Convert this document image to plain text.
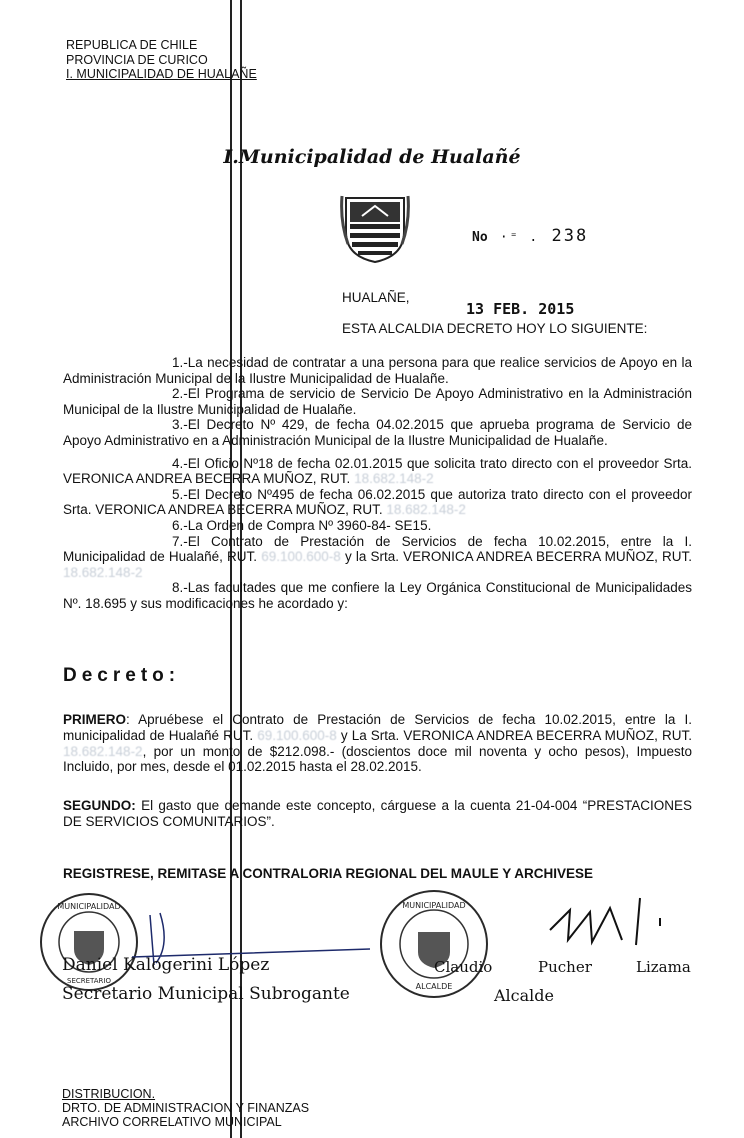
REPUBLICA DE CHILE
PROVINCIA DE CURICO
I. MUNICIPALIDAD DE HUALAÑE
I.Municipalidad de Hualañé
No ·⁼ . 238
HUALAÑE,
13 FEB. 2015
ESTA ALCALDIA DECRETO HOY LO SIGUIENTE:

1.-La necesidad de contratar a una persona para que realice servicios de Apoyo en la Administración Municipal de la Ilustre Municipalidad de Hualañe.

2.-El Programa de servicio de Servicio De Apoyo Administrativo en la Administración Municipal de la Ilustre Municipalidad de Hualañe.

3.-El Decreto Nº 429, de fecha 04.02.2015 que aprueba programa de Servicio de Apoyo Administrativo en a Administración Municipal de la Ilustre Municipalidad de Hualañe.

4.-El Oficio Nº18 de fecha 02.01.2015 que solicita trato directo con el proveedor Srta. VERONICA ANDREA BECERRA MUÑOZ, RUT. 18.682.148-2

5.-El Decreto Nº495 de fecha 06.02.2015 que autoriza trato directo con el proveedor Srta. VERONICA ANDREA BECERRA MUÑOZ, RUT. 18.682.148-2

6.-La Orden de Compra Nº 3960-84- SE15.

7.-El Contrato de Prestación de Servicios de fecha 10.02.2015, entre la I. Municipalidad de Hualañé, RUT. 69.100.600-8 y la Srta. VERONICA ANDREA BECERRA MUÑOZ, RUT. 18.682.148-2

8.-Las facultades que me confiere la Ley Orgánica Constitucional de Municipalidades Nº. 18.695 y sus modificaciones he acordado y:

Decreto:
PRIMERO: Apruébese el Contrato de Prestación de Servicios de fecha 10.02.2015, entre la I. municipalidad de Hualañé RUT. 69.100.600-8 y La Srta. VERONICA ANDREA BECERRA MUÑOZ, RUT. 18.682.148-2, por un monto de $212.098.- (doscientos doce mil noventa y ocho pesos), Impuesto Incluido, por mes, desde el 01.02.2015 hasta el 28.02.2015.
SEGUNDO: El gasto que demande este concepto, cárguese a la cuenta 21-04-004 “PRESTACIONES DE SERVICIOS COMUNITARIOS”.
REGISTRESE, REMITASE A CONTRALORIA REGIONAL DEL MAULE Y ARCHIVESE
MUNICIPALIDAD
SECRETARIO
Daniel Kalogerini López
Secretario Municipal Subrogante
MUNICIPALIDAD
ALCALDE
Claudio	Pucher	Lizama
Alcalde
DISTRIBUCION.
DRTO. DE ADMINISTRACION Y FINANZAS
ARCHIVO CORRELATIVO MUNICIPAL
